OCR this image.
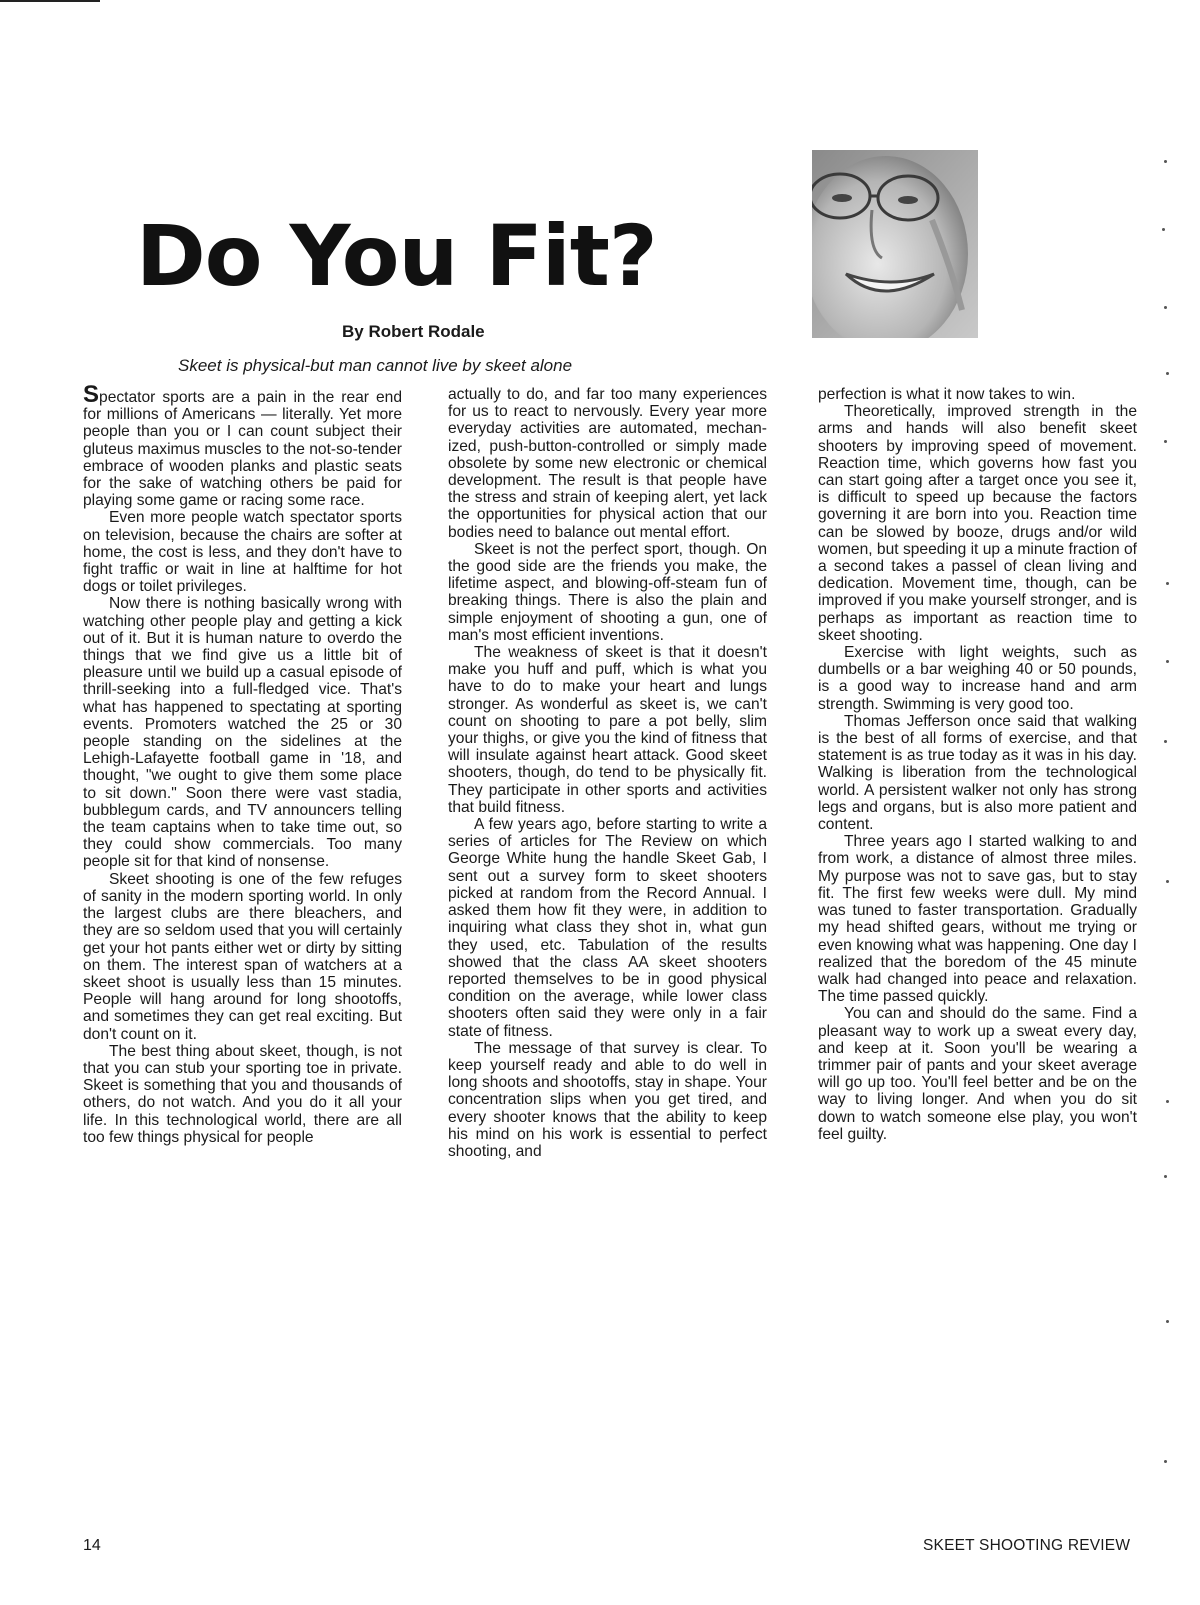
Do You Fit?
By Robert Rodale
Skeet is physical-but man cannot live by skeet alone

Spectator sports are a pain in the rear end for millions of Americans — literally. Yet more people than you or I can count subject their gluteus maximus muscles to the not-so-tender embrace of wooden planks and plastic seats for the sake of watching others be paid for playing some game or racing some race.

Even more people watch spectator sports on television, because the chairs are softer at home, the cost is less, and they don't have to fight traffic or wait in line at halftime for hot dogs or toilet privileges.

Now there is nothing basically wrong with watching other people play and getting a kick out of it. But it is human nature to overdo the things that we find give us a little bit of pleasure until we build up a casual episode of thrill-seeking into a full-fledged vice. That's what has happened to spectating at sporting events. Promoters watched the 25 or 30 people standing on the sidelines at the Lehigh-Lafayette football game in '18, and thought, "we ought to give them some place to sit down." Soon there were vast stadia, bubblegum cards, and TV announcers telling the team captains when to take time out, so they could show commercials. Too many people sit for that kind of nonsense.

Skeet shooting is one of the few refuges of sanity in the modern sporting world. In only the largest clubs are there bleachers, and they are so seldom used that you will certainly get your hot pants either wet or dirty by sitting on them. The interest span of watchers at a skeet shoot is usually less than 15 minutes. People will hang around for long shootoffs, and sometimes they can get real exciting. But don't count on it.

The best thing about skeet, though, is not that you can stub your sporting toe in private. Skeet is something that you and thousands of others, do not watch. And you do it all your life. In this technological world, there are all too few things physical for people

actually to do, and far too many experiences for us to react to nervously. Every year more everyday activities are automated, mechanized, push-button-controlled or simply made obsolete by some new electronic or chemical development. The result is that people have the stress and strain of keeping alert, yet lack the opportunities for physical action that our bodies need to balance out mental effort.

Skeet is not the perfect sport, though. On the good side are the friends you make, the lifetime aspect, and blowing-off-steam fun of breaking things. There is also the plain and simple enjoyment of shooting a gun, one of man's most efficient inventions.

The weakness of skeet is that it doesn't make you huff and puff, which is what you have to do to make your heart and lungs stronger. As wonderful as skeet is, we can't count on shooting to pare a pot belly, slim your thighs, or give you the kind of fitness that will insulate against heart attack. Good skeet shooters, though, do tend to be physically fit. They participate in other sports and activities that build fitness.

A few years ago, before starting to write a series of articles for The Review on which George White hung the handle Skeet Gab, I sent out a survey form to skeet shooters picked at random from the Record Annual. I asked them how fit they were, in addition to inquiring what class they shot in, what gun they used, etc. Tabulation of the results showed that the class AA skeet shooters reported themselves to be in good physical condition on the average, while lower class shooters often said they were only in a fair state of fitness.

The message of that survey is clear. To keep yourself ready and able to do well in long shoots and shootoffs, stay in shape. Your concentration slips when you get tired, and every shooter knows that the ability to keep his mind on his work is essential to perfect shooting, and

perfection is what it now takes to win.

Theoretically, improved strength in the arms and hands will also benefit skeet shooters by improving speed of movement. Reaction time, which governs how fast you can start going after a target once you see it, is difficult to speed up because the factors governing it are born into you. Reaction time can be slowed by booze, drugs and/or wild women, but speeding it up a minute fraction of a second takes a passel of clean living and dedication. Movement time, though, can be improved if you make yourself stronger, and is perhaps as important as reaction time to skeet shooting.

Exercise with light weights, such as dumbells or a bar weighing 40 or 50 pounds, is a good way to increase hand and arm strength. Swimming is very good too.

Thomas Jefferson once said that walking is the best of all forms of exercise, and that statement is as true today as it was in his day. Walking is liberation from the technological world. A persistent walker not only has strong legs and organs, but is also more patient and content.

Three years ago I started walking to and from work, a distance of almost three miles. My purpose was not to save gas, but to stay fit. The first few weeks were dull. My mind was tuned to faster transportation. Gradually my head shifted gears, without me trying or even knowing what was happening. One day I realized that the boredom of the 45 minute walk had changed into peace and relaxation. The time passed quickly.

You can and should do the same. Find a pleasant way to work up a sweat every day, and keep at it. Soon you'll be wearing a trimmer pair of pants and your skeet average will go up too. You'll feel better and be on the way to living longer. And when you do sit down to watch someone else play, you won't feel guilty.

14	SKEET SHOOTING REVIEW
